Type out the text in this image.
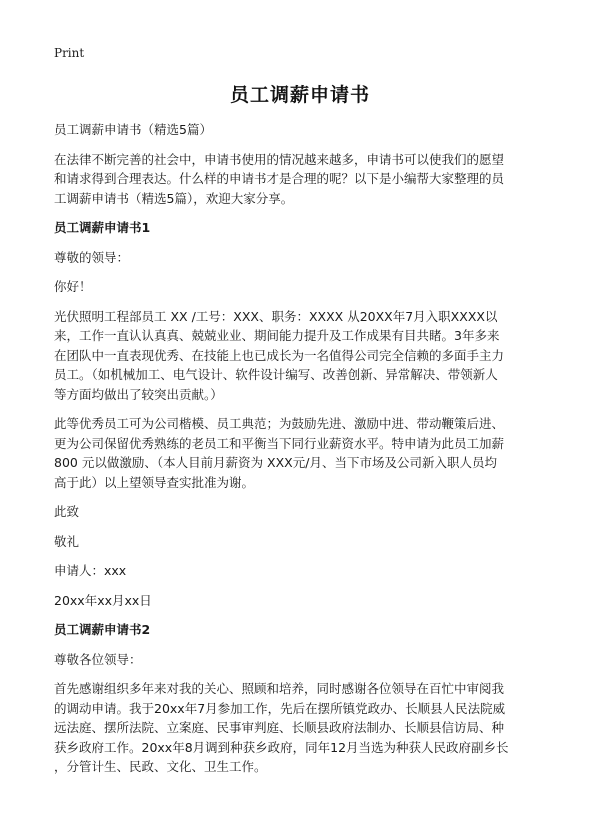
Print
员工调薪申请书

员工调薪申请书（精选5篇）

在法律不断完善的社会中，申请书使用的情况越来越多，申请书可以使我们的愿望
和请求得到合理表达。什么样的申请书才是合理的呢？以下是小编帮大家整理的员
工调薪申请书（精选5篇），欢迎大家分享。

员工调薪申请书1

尊敬的领导：

你好！

光伏照明工程部员工 XX /工号：XXX、职务：XXXX 从20XX年7月入职XXXX以
来，工作一直认认真真、兢兢业业、期间能力提升及工作成果有目共睹。3年多来
在团队中一直表现优秀、在技能上也已成长为一名值得公司完全信赖的多面手主力
员工。（如机械加工、电气设计、软件设计编写、改善创新、异常解决、带领新人
等方面均做出了较突出贡献。）

此等优秀员工可为公司楷模、员工典范；为鼓励先进、激励中进、带动鞭策后进、
更为公司保留优秀熟练的老员工和平衡当下同行业薪资水平。特申请为此员工加薪
800 元以做激励、（本人目前月薪资为 XXX元/月、当下市场及公司新入职人员均
高于此）以上望领导查实批准为谢。

此致

敬礼

申请人：xxx

20xx年xx月xx日

员工调薪申请书2

尊敬各位领导：

首先感谢组织多年来对我的关心、照顾和培养，同时感谢各位领导在百忙中审阅我
的调动申请。我于20xx年7月参加工作，先后在摆所镇党政办、长顺县人民法院威
远法庭、摆所法院、立案庭、民事审判庭、长顺县政府法制办、长顺县信访局、种
获乡政府工作。20xx年8月调到种获乡政府，同年12月当选为种获人民政府副乡长
，分管计生、民政、文化、卫生工作。
